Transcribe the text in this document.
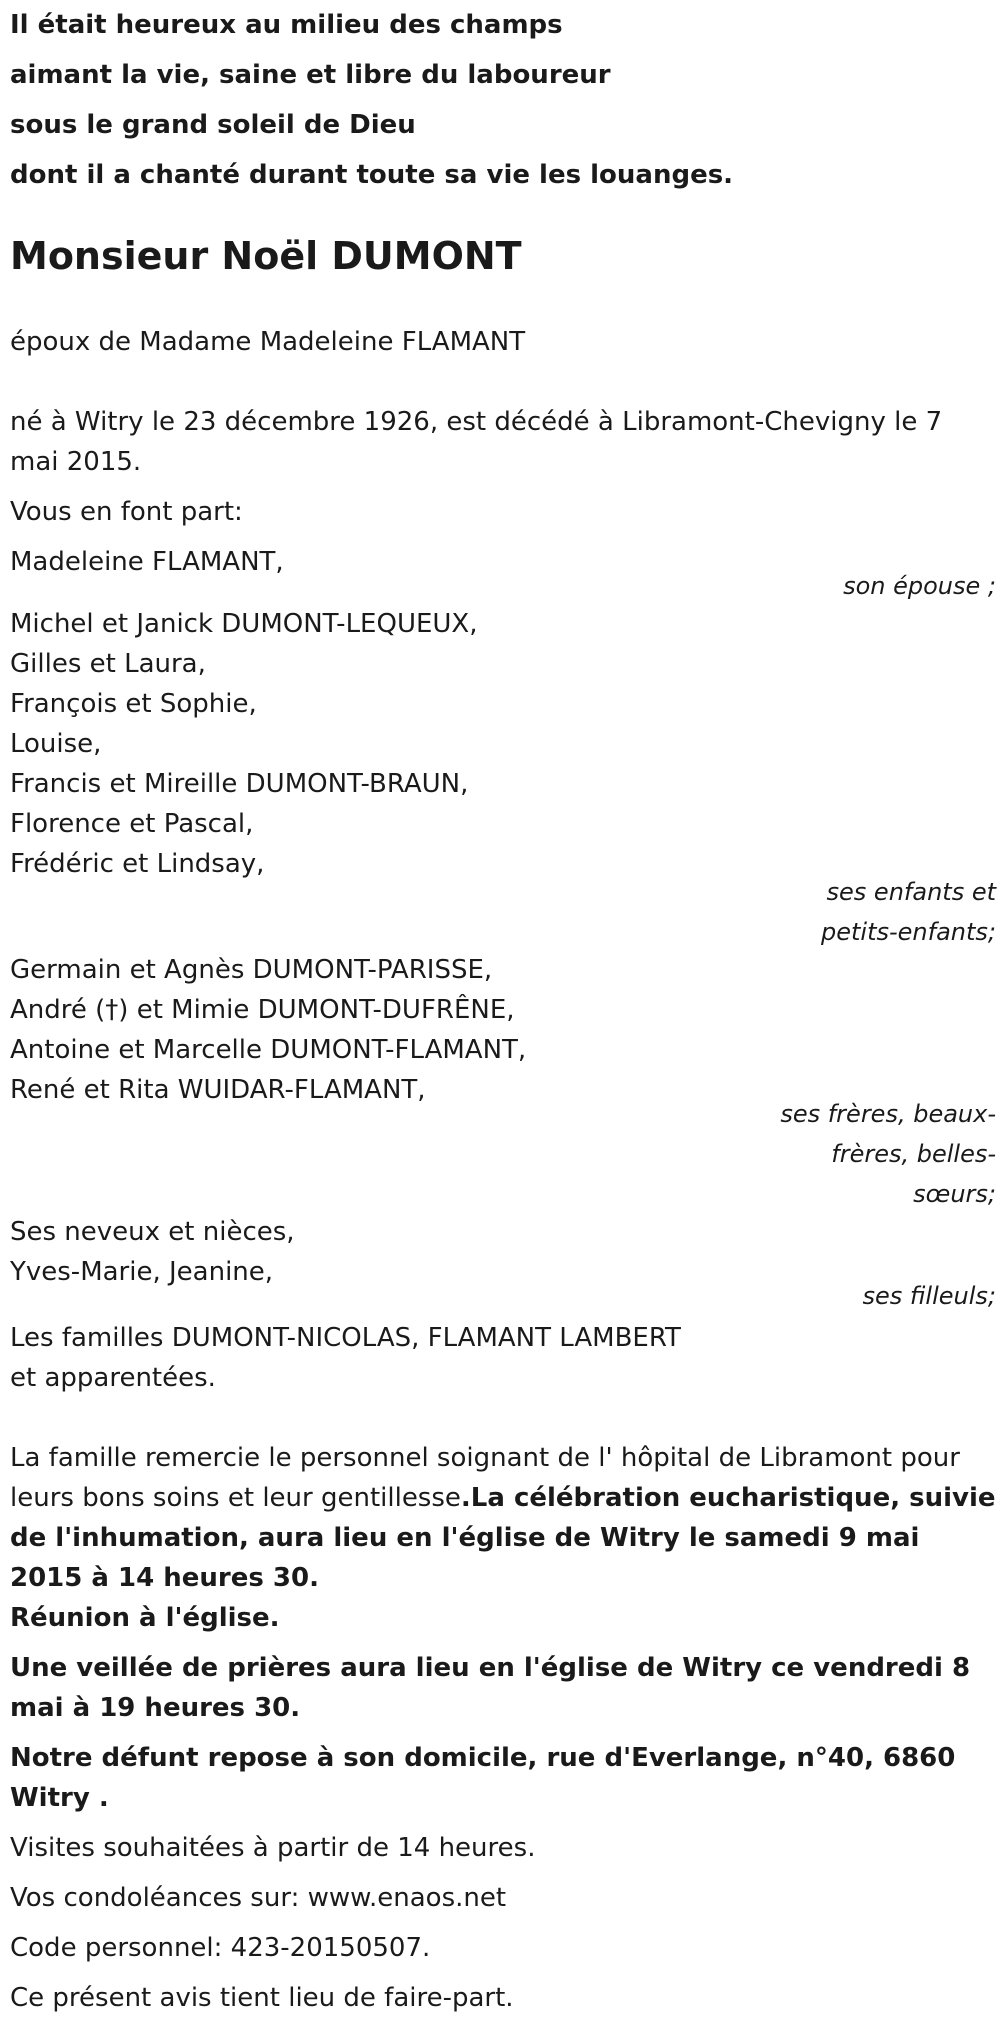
Il était heureux au milieu des champs

aimant la vie, saine et libre du laboureur

sous le grand soleil de Dieu

dont il a chanté durant toute sa vie les louanges.

Monsieur Noël DUMONT

époux de Madame Madeleine FLAMANT

né à Witry le 23 décembre 1926, est décédé à Libramont-Chevigny le 7

mai 2015.

Vous en font part:

Madeleine FLAMANT,

son épouse ;

Michel et Janick DUMONT-LEQUEUX,

Gilles et Laura,

François et Sophie,

Louise,

Francis et Mireille DUMONT-BRAUN,

Florence et Pascal,

Frédéric et Lindsay,

ses enfants et

petits-enfants;

Germain et Agnès DUMONT-PARISSE,

André (†) et Mimie DUMONT-DUFRÊNE,

Antoine et Marcelle DUMONT-FLAMANT,

René et Rita WUIDAR-FLAMANT,

ses frères, beaux-

frères, belles-

sœurs;

Ses neveux et nièces,

Yves-Marie, Jeanine,

ses filleuls;

Les familles DUMONT-NICOLAS, FLAMANT LAMBERT

et apparentées.

La famille remercie le personnel soignant de l' hôpital de Libramont pour leurs bons soins et leur gentillesse.La célébration eucharistique, suivie de l'inhumation, aura lieu en l'église de Witry le samedi 9 mai 2015 à 14 heures 30.

Réunion à l'église.

Une veillée de prières aura lieu en l'église de Witry ce vendredi 8 mai à 19 heures 30.

Notre défunt repose à son domicile, rue d'Everlange, n°40, 6860 Witry .

Visites souhaitées à partir de 14 heures.

Vos condoléances sur: www.enaos.net

Code personnel: 423-20150507.

Ce présent avis tient lieu de faire-part.
